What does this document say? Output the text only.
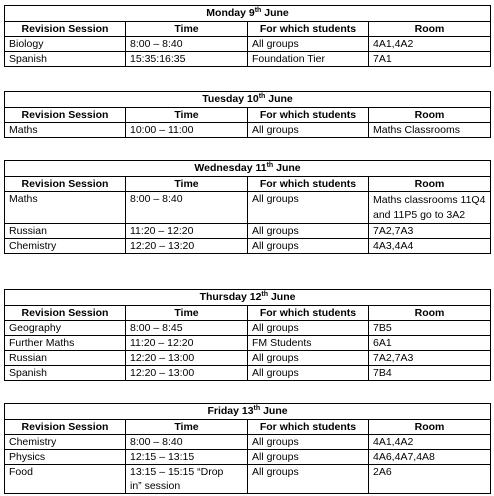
Monday 9th June			
Revision Session	Time	For which students	Room
Biology	8:00 – 8:40	All groups	4A1,4A2
Spanish	15:35:16:35	Foundation Tier	7A1
Tuesday 10th June			
Revision Session	Time	For which students	Room
Maths	10:00 – 11:00	All groups	Maths Classrooms
Wednesday 11th June			
Revision Session	Time	For which students	Room
Maths	8:00 – 8:40	All groups	Maths classrooms 11Q4 and 11P5 go to 3A2
Russian	11:20 – 12:20	All groups	7A2,7A3
Chemistry	12:20 – 13:20	All groups	4A3,4A4
Thursday 12th June			
Revision Session	Time	For which students	Room
Geography	8:00 – 8:45	All groups	7B5
Further Maths	11:20 – 12:20	FM Students	6A1
Russian	12:20 – 13:00	All groups	7A2,7A3
Spanish	12:20 – 13:00	All groups	7B4
Friday 13th June			
Revision Session	Time	For which students	Room
Chemistry	8:00 – 8:40	All groups	4A1,4A2
Physics	12:15 – 13:15	All groups	4A6,4A7,4A8
Food	13:15 – 15:15 “Drop in” session	All groups	2A6
